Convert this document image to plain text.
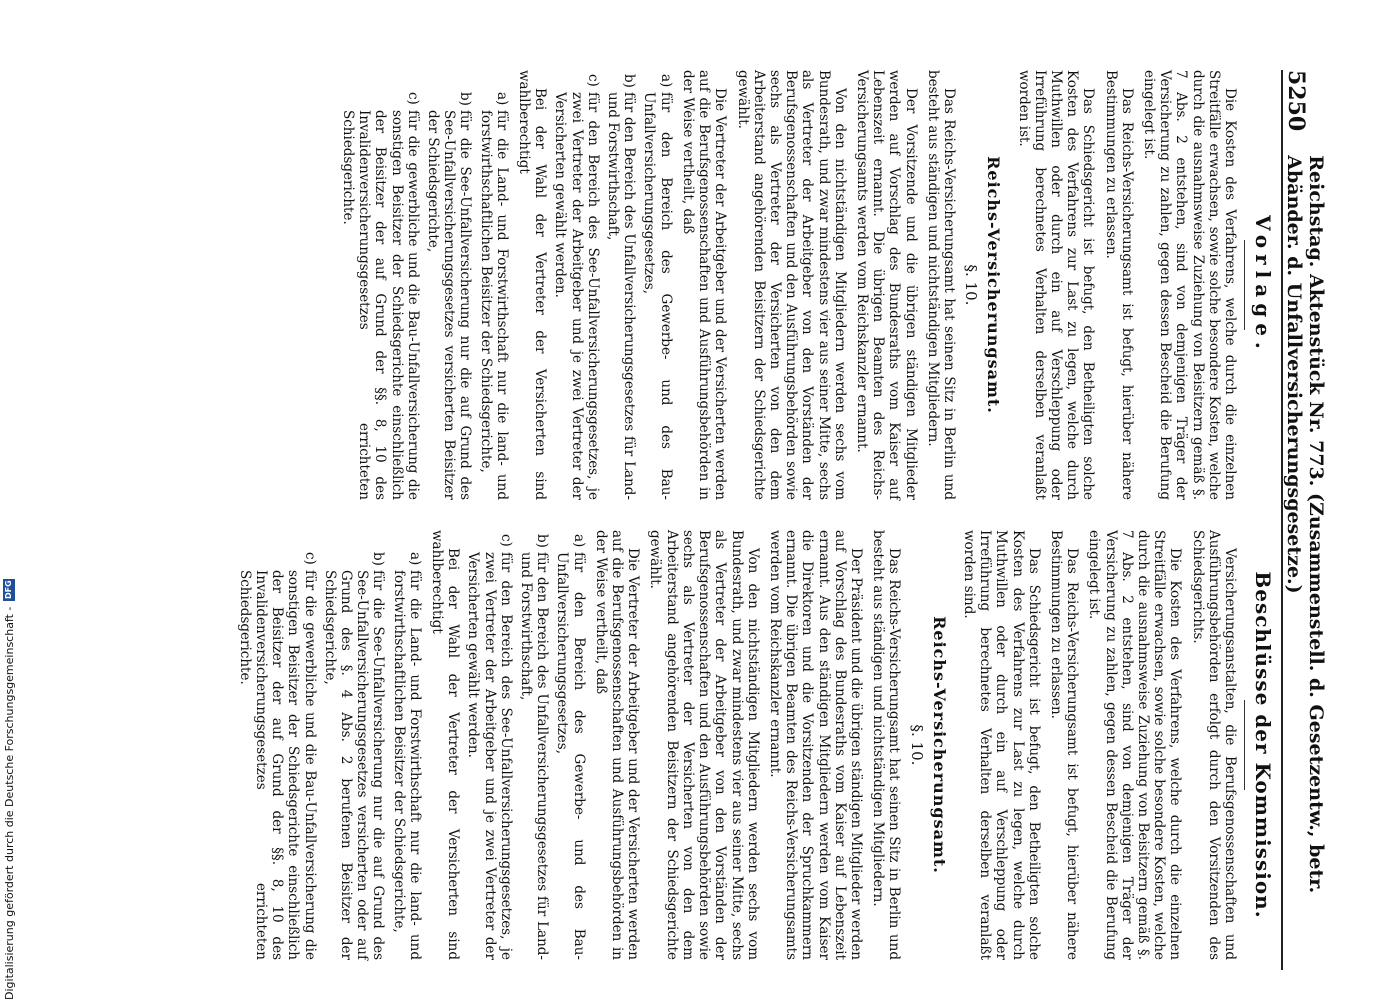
5250
Reichstag. Aktenstück Nr. 773. (Zusammenstell. d. Gesetzentw., betr. Abänder. d. Unfallversicherungsgesetze.)
Vorlage.

Die Kosten des Verfahrens, welche durch die einzelnen Streitfälle erwachsen, sowie solche besondere Kosten, welche durch die ausnahmsweise Zuziehung von Beisitzern gemäß §. 7 Abs. 2 entstehen, sind von demjenigen Träger der Versicherung zu zahlen, gegen dessen Bescheid die Berufung eingelegt ist.

Das Reichs-Versicherungsamt ist befugt, hierüber nähere Bestimmungen zu erlassen.

Das Schiedsgericht ist befugt, den Betheiligten solche Kosten des Verfahrens zur Last zu legen, welche durch Muthwillen oder durch ein auf Verschleppung oder Irreführung berechnetes Verhalten derselben veranlaßt worden ist.

Reichs-Versicherungsamt.

§. 10.

Das Reichs-Versicherungsamt hat seinen Sitz in Berlin und besteht aus ständigen und nichtständigen Mitgliedern.

Der Vorsitzende und die übrigen ständigen Mitglieder werden auf Vorschlag des Bundesraths vom Kaiser auf Lebenszeit ernannt. Die übrigen Beamten des Reichs-Versicherungsamts werden vom Reichskanzler ernannt.

Von den nichtständigen Mitgliedern werden sechs vom Bundesrath, und zwar mindestens vier aus seiner Mitte, sechs als Vertreter der Arbeitgeber von den Vorständen der Berufsgenossenschaften und den Ausführungsbehörden sowie sechs als Vertreter der Versicherten von den dem Arbeiterstand angehörenden Beisitzern der Schiedsgerichte gewählt.

Die Vertreter der Arbeitgeber und der Versicherten werden auf die Berufsgenossenschaften und Ausführungsbehörden in der Weise vertheilt, daß

a)
für den Bereich des Gewerbe- und des Bau-Unfallversicherungsgesetzes,

b)
für den Bereich des Unfallversicherungsgesetzes für Land- und Forstwirthschaft,

c)
für den Bereich des See-Unfallversicherungsgesetzes, je zwei Vertreter der Arbeitgeber und je zwei Vertreter der Versicherten gewählt werden.

Bei der Wahl der Vertreter der Versicherten sind wahlberechtigt

a)
für die Land- und Forstwirthschaft nur die land- und forstwirthschaftlichen Beisitzer der Schiedsgerichte,

b)
für die See-Unfallversicherung nur die auf Grund des See-Unfallversicherungsgesetzes versicherten Beisitzer der Schiedsgerichte,

c)
für die gewerbliche und die Bau-Unfallversicherung die sonstigen Beisitzer der Schiedsgerichte einschließlich der Beisitzer der auf Grund der §§. 8, 10 des Invalidenversicherungsgesetzes errichteten Schiedsgerichte.

Beschlüsse der Kommission.

Versicherungsanstalten, die Berufsgenossenschaften und Ausführungsbehörden erfolgt durch den Vorsitzenden des Schiedsgerichts.

Die Kosten des Verfahrens, welche durch die einzelnen Streitfälle erwachsen, sowie solche besondere Kosten, welche durch die ausnahmsweise Zuziehung von Beisitzern gemäß §. 7 Abs. 2 entstehen, sind von demjenigen Träger der Versicherung zu zahlen, gegen dessen Bescheid die Berufung eingelegt ist.

Das Reichs-Versicherungsamt ist befugt, hierüber nähere Bestimmungen zu erlassen.

Das Schiedsgericht ist befugt, den Betheiligten solche Kosten des Verfahrens zur Last zu legen, welche durch Muthwillen oder durch ein auf Verschleppung oder Irreführung berechnetes Verhalten derselben veranlaßt worden sind.

Reichs-Versicherungsamt.

§. 10.

Das Reichs-Versicherungsamt hat seinen Sitz in Berlin und besteht aus ständigen und nichtständigen Mitgliedern.

Der Präsident und die übrigen ständigen Mitglieder werden auf Vorschlag des Bundesraths vom Kaiser auf Lebenszeit ernannt. Aus den ständigen Mitgliedern werden vom Kaiser die Direktoren und die Vorsitzenden der Spruchkammern ernannt. Die übrigen Beamten des Reichs-Versicherungsamts werden vom Reichskanzler ernannt.

Von den nichtständigen Mitgliedern werden sechs vom Bundesrath, und zwar mindestens vier aus seiner Mitte, sechs als Vertreter der Arbeitgeber von den Vorständen der Berufsgenossenschaften und den Ausführungsbehörden sowie sechs als Vertreter der Versicherten von den dem Arbeiterstand angehörenden Beisitzern der Schiedsgerichte gewählt.

Die Vertreter der Arbeitgeber und der Versicherten werden auf die Berufsgenossenschaften und Ausführungsbehörden in der Weise vertheilt, daß

a)
für den Bereich des Gewerbe- und des Bau-Unfallversicherungsgesetzes,

b)
für den Bereich des Unfallversicherungsgesetzes für Land- und Forstwirthschaft,

c)
für den Bereich des See-Unfallversicherungsgesetzes, je zwei Vertreter der Arbeitgeber und je zwei Vertreter der Versicherten gewählt werden.

Bei der Wahl der Vertreter der Versicherten sind wahlberechtigt

a)
für die Land- und Forstwirthschaft nur die land- und forstwirthschaftlichen Beisitzer der Schiedsgerichte,

b)
für die See-Unfallversicherung nur die auf Grund des See-Unfallversicherungsgesetzes versicherten oder auf Grund des §. 4 Abs. 2 berufenen Beisitzer der Schiedsgerichte,

c)
für die gewerbliche und die Bau-Unfallversicherung die sonstigen Beisitzer der Schiedsgerichte einschließlich der Beisitzer der auf Grund der §§. 8, 10 des Invalidenversicherungsgesetzes errichteten Schiedsgerichte.

Digitalisierung gefördert durch die Deutsche Forschungsgemeinschaft -
DFG
